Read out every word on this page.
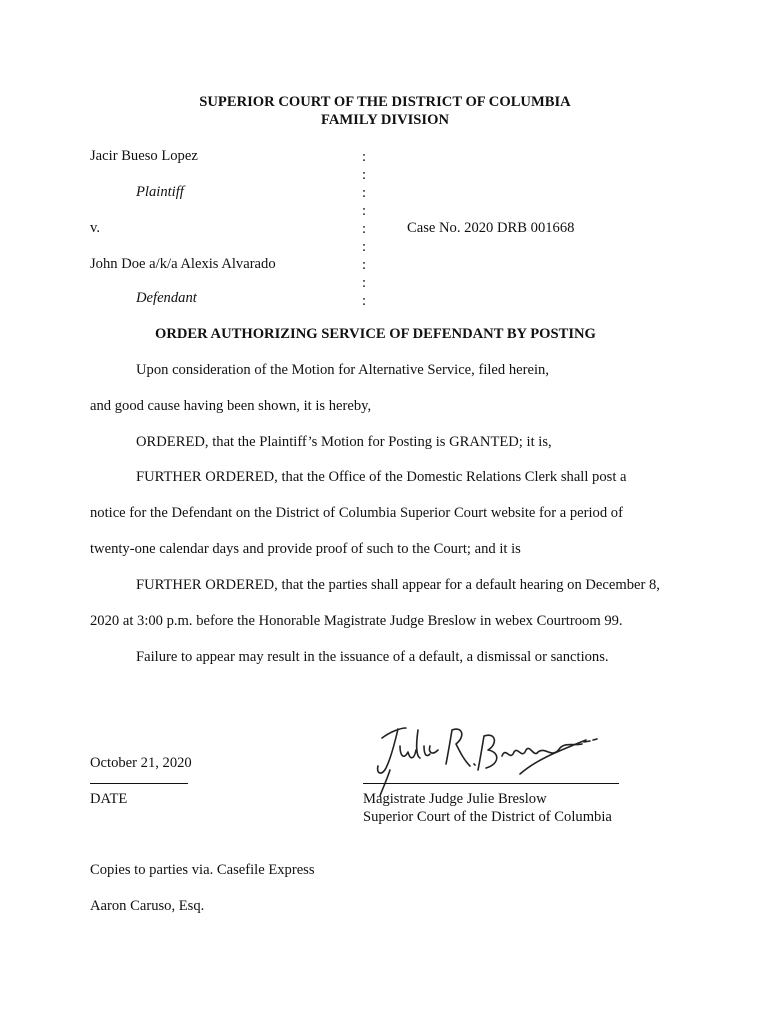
SUPERIOR COURT OF THE DISTRICT OF COLUMBIA
FAMILY DIVISION
Jacir Bueso Lopez
Plaintiff
v.
John Doe a/k/a Alexis Alvarado
Defendant
Case No. 2020 DRB 001668
:
:
:
:
:
:
:
:
:
ORDER AUTHORIZING SERVICE OF DEFENDANT BY POSTING
Upon consideration of the Motion for Alternative Service, filed herein,
and good cause having been shown, it is hereby,
ORDERED, that the Plaintiff’s Motion for Posting is GRANTED; it is,
FURTHER ORDERED, that the Office of the Domestic Relations Clerk shall post a
notice for the Defendant on the District of Columbia Superior Court website for a period of
twenty-one calendar days and provide proof of such to the Court; and it is
FURTHER ORDERED, that the parties shall appear for a default hearing on December 8,
2020 at 3:00 p.m. before the Honorable Magistrate Judge Breslow in webex Courtroom 99.
Failure to appear may result in the issuance of a default, a dismissal or sanctions.
October 21, 2020
DATE	Magistrate Judge Julie Breslow
Superior Court of the District of Columbia
Copies to parties via. Casefile Express
Aaron Caruso, Esq.
